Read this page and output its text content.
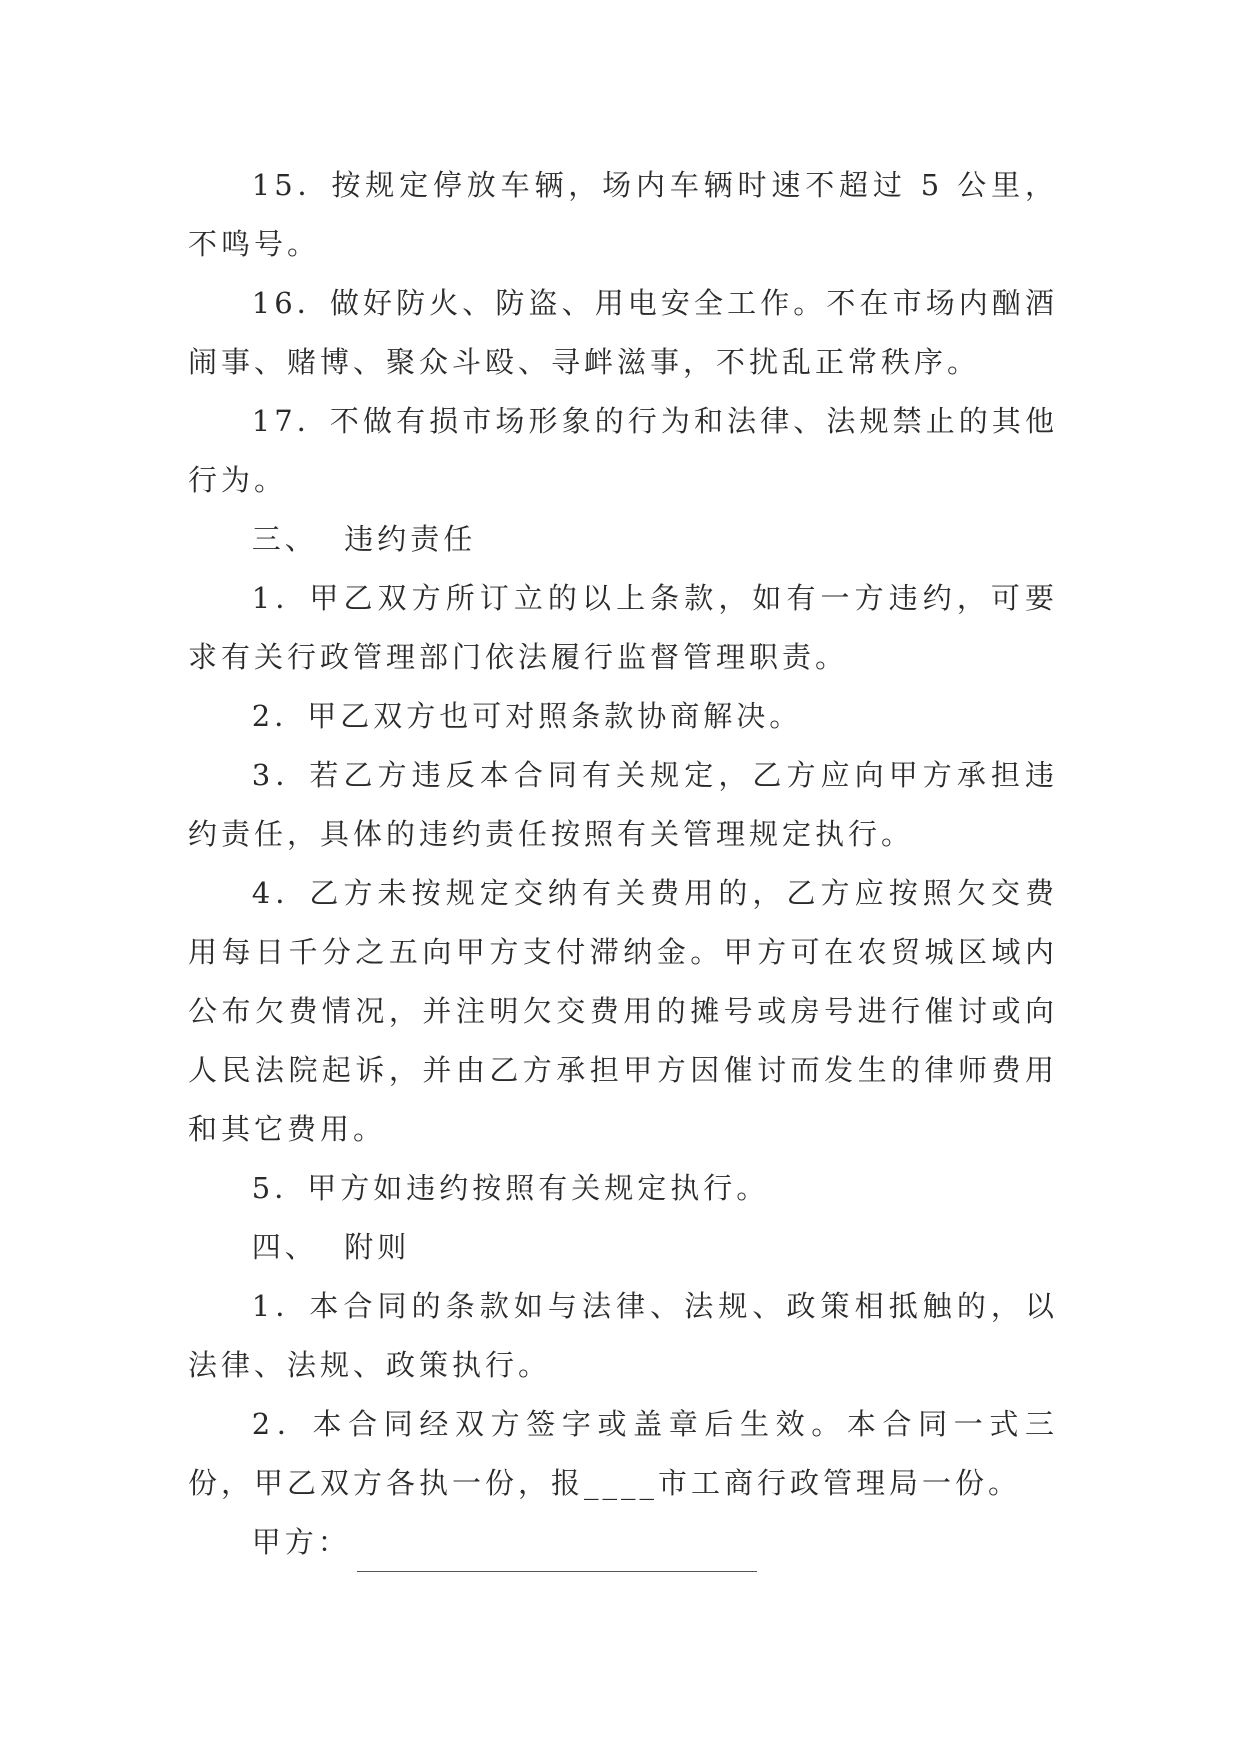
15．按规定停放车辆，场内车辆时速不超过 5 公里，不鸣号。

16．做好防火、防盗、用电安全工作。不在市场内酗酒闹事、赌博、聚众斗殴、寻衅滋事，不扰乱正常秩序。

17．不做有损市场形象的行为和法律、法规禁止的其他行为。

三、  违约责任

1．甲乙双方所订立的以上条款，如有一方违约，可要求有关行政管理部门依法履行监督管理职责。

2．甲乙双方也可对照条款协商解决。

3．若乙方违反本合同有关规定，乙方应向甲方承担违约责任，具体的违约责任按照有关管理规定执行。

4．乙方未按规定交纳有关费用的，乙方应按照欠交费用每日千分之五向甲方支付滞纳金。甲方可在农贸城区域内公布欠费情况，并注明欠交费用的摊号或房号进行催讨或向人民法院起诉，并由乙方承担甲方因催讨而发生的律师费用和其它费用。

5．甲方如违约按照有关规定执行。

四、  附则

1．本合同的条款如与法律、法规、政策相抵触的，以法律、法规、政策执行。

2．本合同经双方签字或盖章后生效。本合同一式三份，甲乙双方各执一份，报____市工商行政管理局一份。

甲方：
